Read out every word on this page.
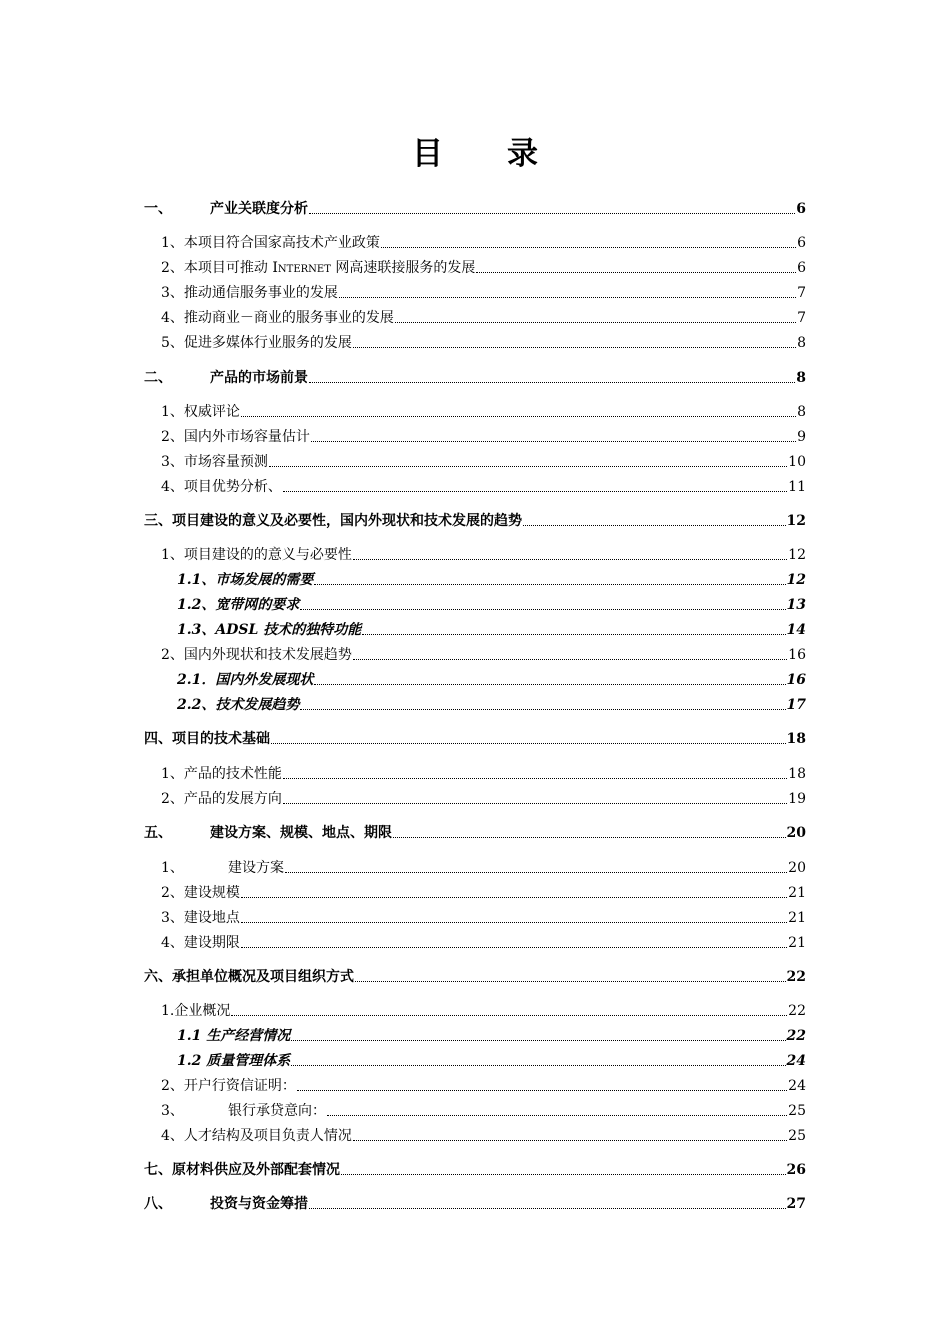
目 录
一、	产业关联度分析	6
1、本项目符合国家高技术产业政策	6
2、本项目可推动 Internet 网高速联接服务的发展	6
3、推动通信服务事业的发展	7
4、推动商业－商业的服务事业的发展	7
5、促进多媒体行业服务的发展	8
二、	产品的市场前景	8
1、权威评论	8
2、国内外市场容量估计	9
3、市场容量预测	10
4、项目优势分析、	11
三、项目建设的意义及必要性，国内外现状和技术发展的趋势	12
1、项目建设的的意义与必要性	12
1.1、市场发展的需要	12
1.2、宽带网的要求	13
1.3、ADSL 技术的独特功能	14
2、国内外现状和技术发展趋势	16
2.1．国内外发展现状	16
2.2、技术发展趋势	17
四、项目的技术基础	18
1、产品的技术性能	18
2、产品的发展方向	19
五、	建设方案、规模、地点、期限	20
1、	建设方案	20
2、建设规模	21
3、建设地点	21
4、建设期限	21
六、承担单位概况及项目组织方式	22
1.企业概况	22
1.1 生产经营情况	22
1.2 质量管理体系	24
2、开户行资信证明：	24
3、	银行承贷意向：	25
4、人才结构及项目负责人情况	25
七、原材料供应及外部配套情况	26
八、	投资与资金筹措	27
